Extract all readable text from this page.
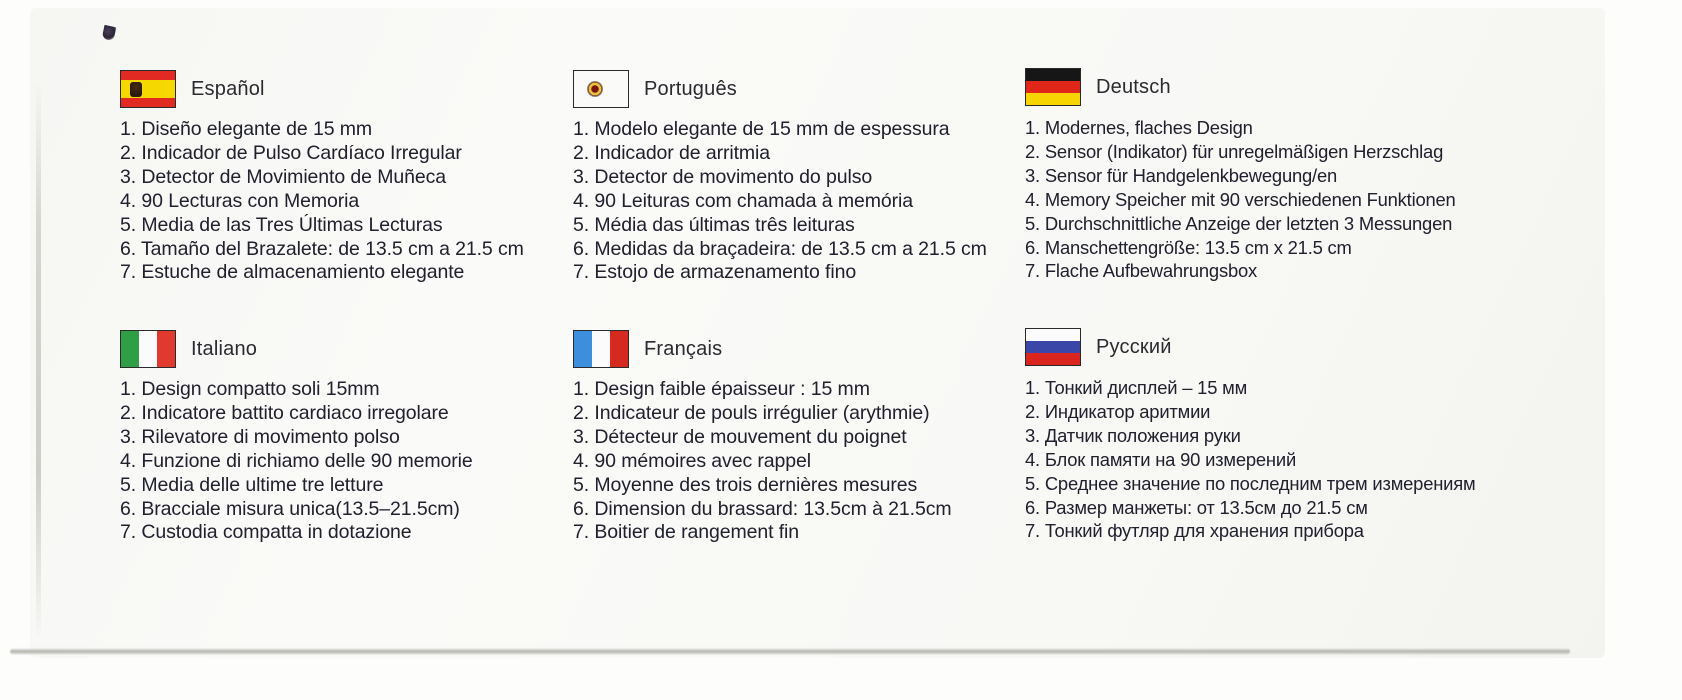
Español
1. Diseño elegante de 15 mm
2. Indicador de Pulso Cardíaco Irregular
3. Detector de Movimiento de Muñeca
4. 90 Lecturas con Memoria
5. Media de las Tres Últimas Lecturas
6. Tamaño del Brazalete: de 13.5 cm a 21.5 cm
7. Estuche de almacenamiento elegante
Português
1. Modelo elegante de 15 mm de espessura
2. Indicador de arritmia
3. Detector de movimento do pulso
4. 90 Leituras com chamada à memória
5. Média das últimas três leituras
6. Medidas da braçadeira: de 13.5 cm a 21.5 cm
7. Estojo de armazenamento fino
Deutsch
1. Modernes, flaches Design
2. Sensor (Indikator) für unregelmäßigen Herzschlag
3. Sensor für Handgelenkbewegung/en
4. Memory Speicher mit 90 verschiedenen Funktionen
5. Durchschnittliche Anzeige der letzten 3 Messungen
6. Manschettengröße: 13.5 cm x 21.5 cm
7. Flache Aufbewahrungsbox
Italiano
1. Design compatto soli 15mm
2. Indicatore battito cardiaco irregolare
3. Rilevatore di movimento polso
4. Funzione di richiamo delle 90 memorie
5. Media delle ultime tre letture
6. Bracciale misura unica(13.5–21.5cm)
7. Custodia compatta in dotazione
Français
1. Design faible épaisseur : 15 mm
2. Indicateur de pouls irrégulier (arythmie)
3. Détecteur de mouvement du poignet
4. 90 mémoires avec rappel
5. Moyenne des trois dernières mesures
6. Dimension du brassard: 13.5cm à 21.5cm
7. Boitier de rangement fin
Русский
1. Тонкий дисплей – 15 мм
2. Индикатор аритмии
3. Датчик положения руки
4. Блок памяти на 90 измерений
5. Среднее значение по последним трем измерениям
6. Размер манжеты: от 13.5см до 21.5 см
7. Тонкий футляр для хранения прибора
